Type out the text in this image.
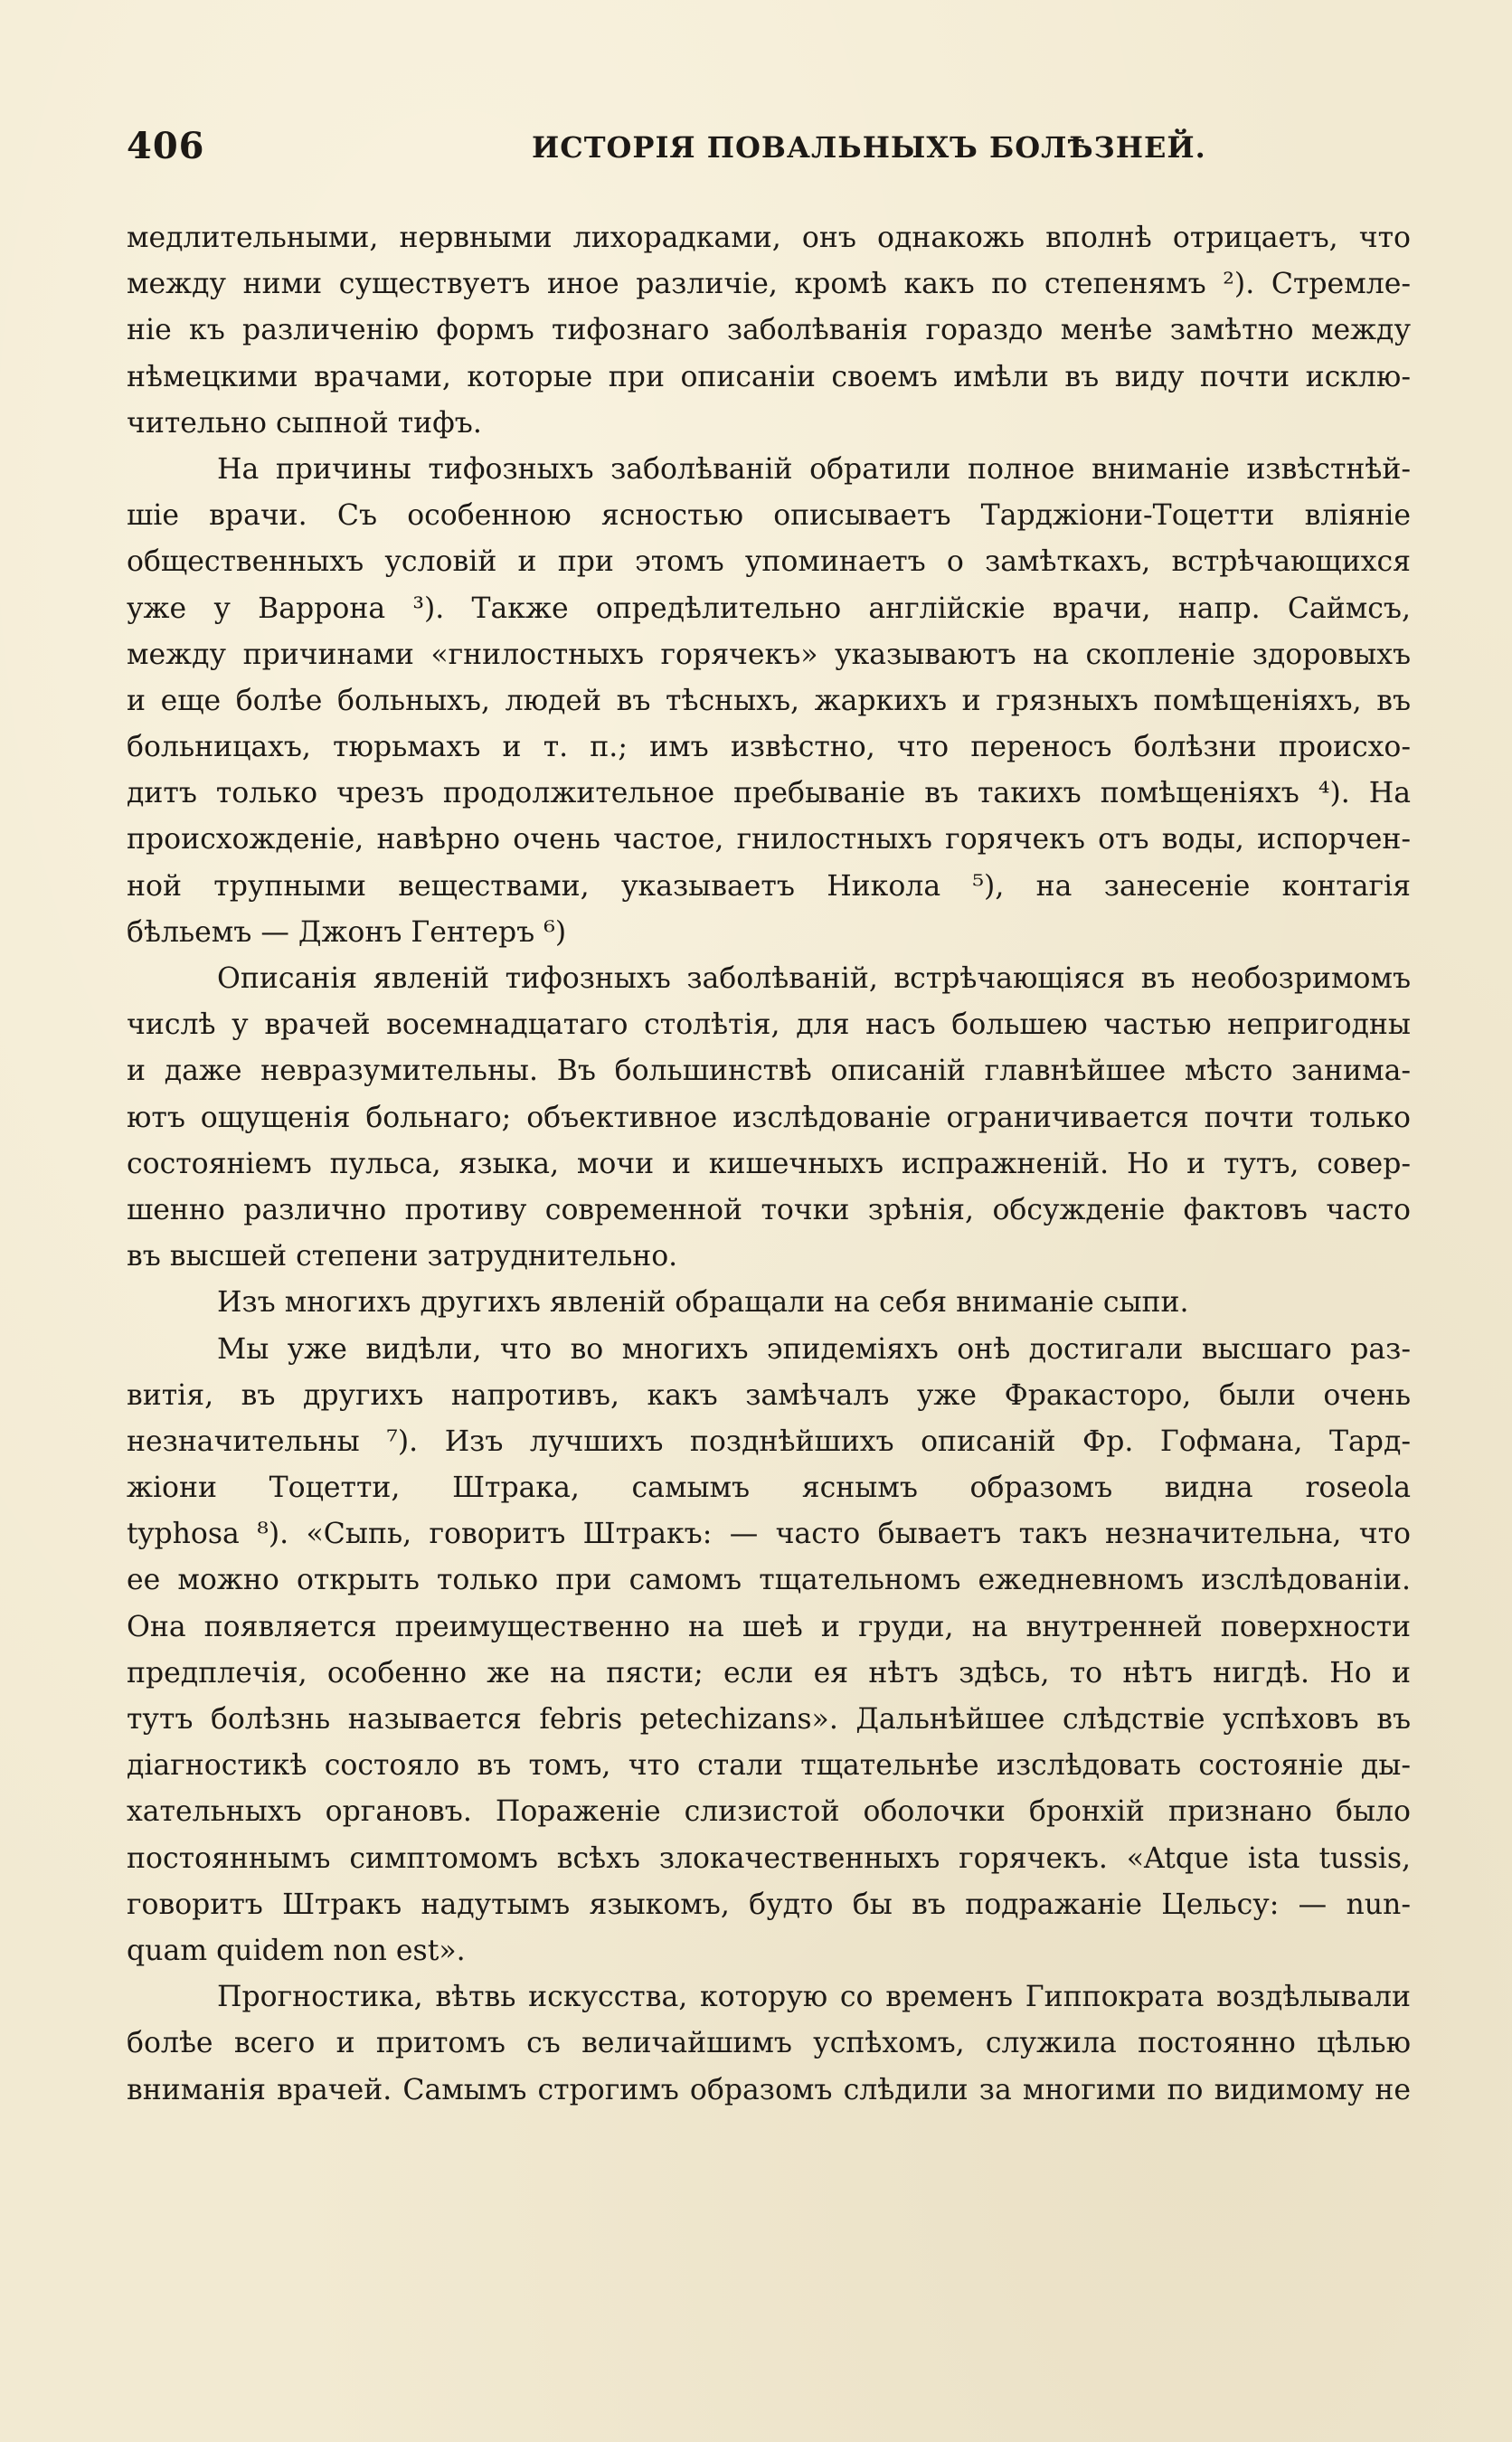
406	ИСТОРІЯ ПОВАЛЬНЫХЪ БОЛѢЗНЕЙ.
медлительными, нервными лихорадками, онъ однакожь вполнѣ отрицаетъ, что
между ними существуетъ иное различіе, кромѣ какъ по степенямъ ²). Стремле-
ніе къ различенію формъ тифознаго заболѣванія гораздо менѣе замѣтно между
нѣмецкими врачами, которые при описаніи своемъ имѣли въ виду почти исклю-
чительно сыпной тифъ.
На причины тифозныхъ заболѣваній обратили полное вниманіе извѣстнѣй-
шіе врачи. Съ особенною ясностью описываетъ Тарджіони-Тоцетти вліяніе
общественныхъ условій и при этомъ упоминаетъ о замѣткахъ, встрѣчающихся
уже у Варрона ³). Также опредѣлительно англійскіе врачи, напр. Саймсъ,
между причинами «гнилостныхъ горячекъ» указываютъ на скопленіе здоровыхъ
и еще болѣе больныхъ, людей въ тѣсныхъ, жаркихъ и грязныхъ помѣщеніяхъ, въ
больницахъ, тюрьмахъ и т. п.; имъ извѣстно, что переносъ болѣзни происхо-
дитъ только чрезъ продолжительное пребываніе въ такихъ помѣщеніяхъ ⁴). На
происхожденіе, навѣрно очень частое, гнилостныхъ горячекъ отъ воды, испорчен-
ной трупными веществами, указываетъ Никола ⁵), на занесеніе контагія
бѣльемъ — Джонъ Гентеръ ⁶)
Описанія явленій тифозныхъ заболѣваній, встрѣчающіяся въ необозримомъ
числѣ у врачей восемнадцатаго столѣтія, для насъ большею частью непригодны
и даже невразумительны. Въ большинствѣ описаній главнѣйшее мѣсто занима-
ютъ ощущенія больнаго; объективное изслѣдованіе ограничивается почти только
состояніемъ пульса, языка, мочи и кишечныхъ испражненій. Но и тутъ, совер-
шенно различно противу современной точки зрѣнія, обсужденіе фактовъ часто
въ высшей степени затруднительно.
Изъ многихъ другихъ явленій обращали на себя вниманіе сыпи.
Мы уже видѣли, что во многихъ эпидеміяхъ онѣ достигали высшаго раз-
витія, въ другихъ напротивъ, какъ замѣчалъ уже Фракасторо, были очень
незначительны ⁷). Изъ лучшихъ позднѣйшихъ описаній Фр. Гофмана, Тард-
жіони Тоцетти, Штрака, самымъ яснымъ образомъ видна roseola
typhosa ⁸). «Сыпь, говоритъ Штракъ: — часто бываетъ такъ незначительна, что
ее можно открыть только при самомъ тщательномъ ежедневномъ изслѣдованіи.
Она появляется преимущественно на шеѣ и груди, на внутренней поверхности
предплечія, особенно же на пясти; если ея нѣтъ здѣсь, то нѣтъ нигдѣ. Но и
тутъ болѣзнь называется febris petechizans». Дальнѣйшее слѣдствіе успѣховъ въ
діагностикѣ состояло въ томъ, что стали тщательнѣе изслѣдовать состояніе ды-
хательныхъ органовъ. Пораженіе слизистой оболочки бронхій признано было
постояннымъ симптомомъ всѣхъ злокачественныхъ горячекъ. «Atque ista tussis,
говоритъ Штракъ надутымъ языкомъ, будто бы въ подражаніе Цельсу: — nun-
quam quidem non est».
Прогностика, вѣтвь искусства, которую со временъ Гиппократа воздѣлывали
болѣе всего и притомъ съ величайшимъ успѣхомъ, служила постоянно цѣлью
вниманія врачей. Самымъ строгимъ образомъ слѣдили за многими по видимому не
